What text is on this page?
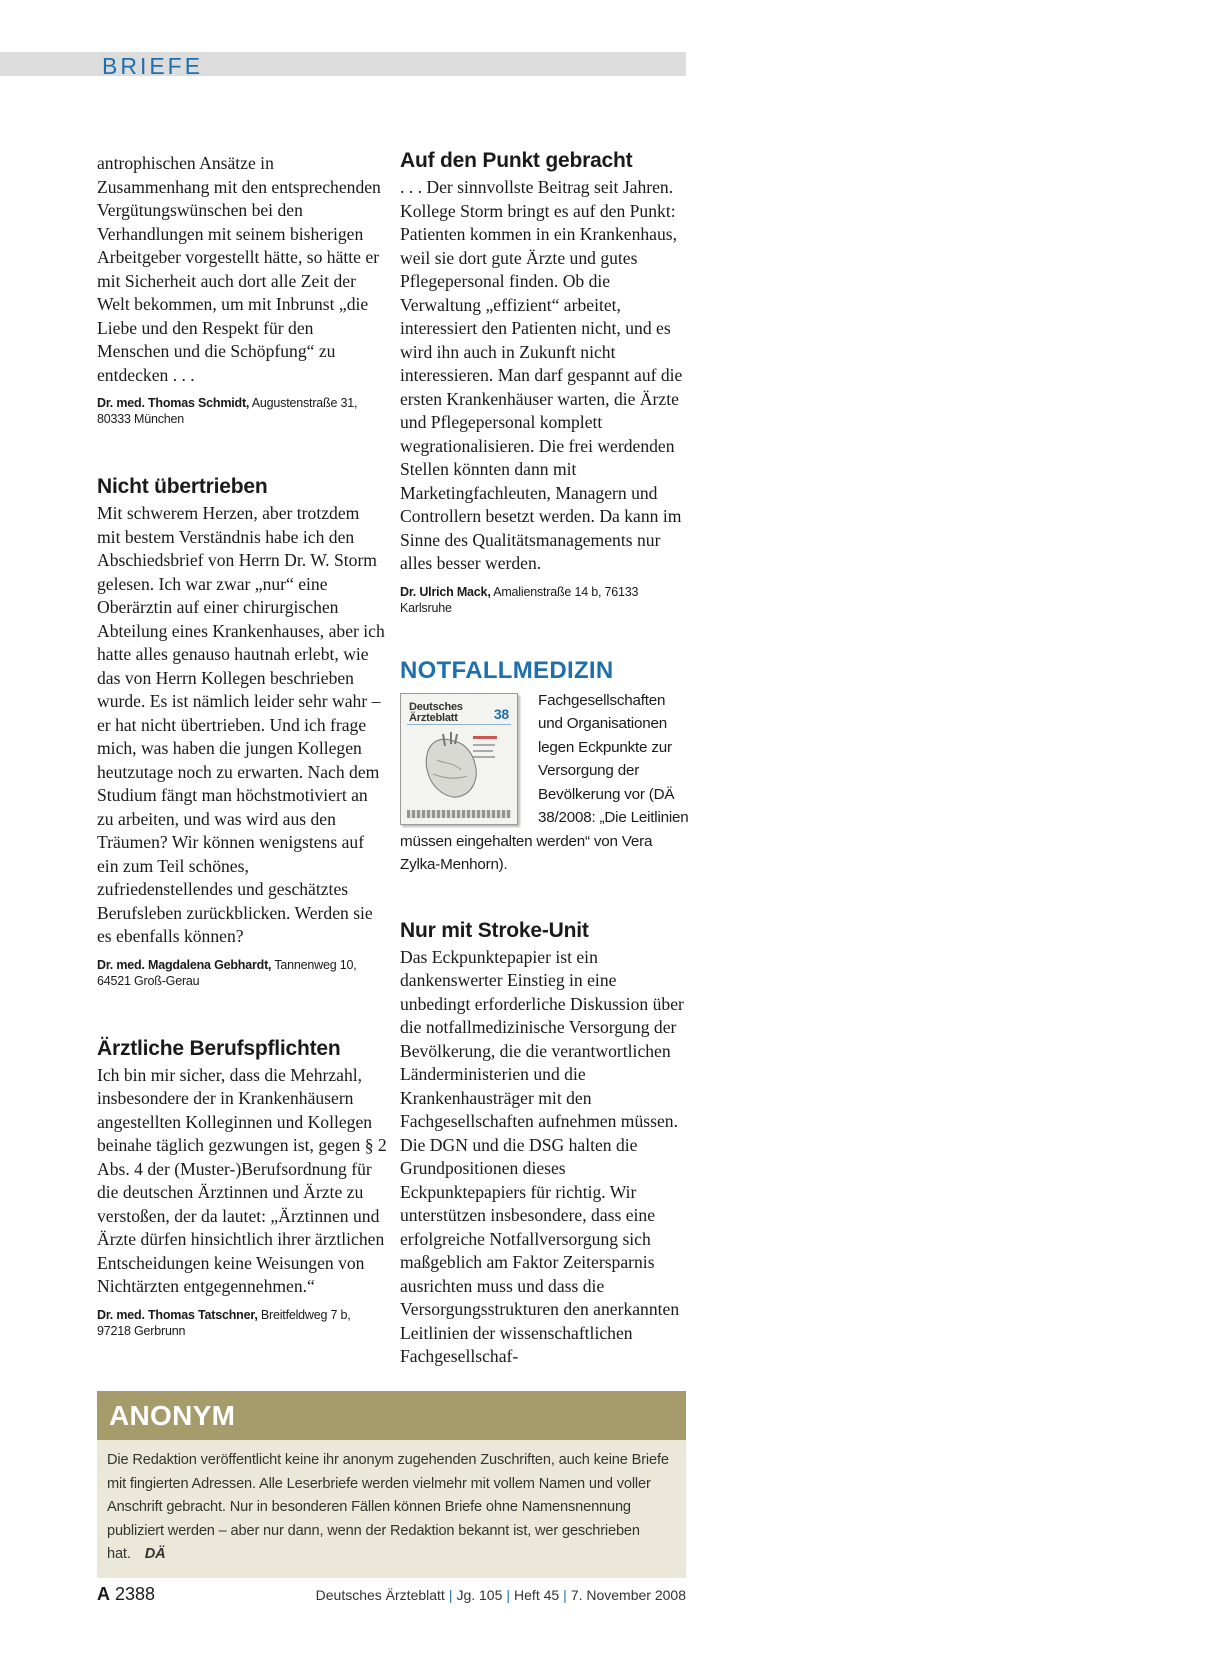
BRIEFE

antrophischen Ansätze in Zusammenhang mit den entsprechenden Vergütungswünschen bei den Verhandlungen mit seinem bisherigen Arbeitgeber vorgestellt hätte, so hätte er mit Sicherheit auch dort alle Zeit der Welt bekommen, um mit Inbrunst „die Liebe und den Respekt für den Menschen und die Schöpfung“ zu entdecken . . .

Dr. med. Thomas Schmidt, Augustenstraße 31, 80333 München

Nicht übertrieben

Mit schwerem Herzen, aber trotzdem mit bestem Verständnis habe ich den Abschiedsbrief von Herrn Dr. W. Storm gelesen. Ich war zwar „nur“ eine Oberärztin auf einer chirurgischen Abteilung eines Krankenhauses, aber ich hatte alles genauso hautnah erlebt, wie das von Herrn Kollegen beschrieben wurde. Es ist nämlich leider sehr wahr – er hat nicht übertrieben. Und ich frage mich, was haben die jungen Kollegen heutzutage noch zu erwarten. Nach dem Studium fängt man höchstmotiviert an zu arbeiten, und was wird aus den Träumen? Wir können wenigstens auf ein zum Teil schönes, zufriedenstellendes und geschätztes Berufsleben zurückblicken. Werden sie es ebenfalls können?

Dr. med. Magdalena Gebhardt, Tannenweg 10, 64521 Groß-Gerau

Ärztliche Berufspflichten

Ich bin mir sicher, dass die Mehrzahl, insbesondere der in Krankenhäusern angestellten Kolleginnen und Kollegen beinahe täglich gezwungen ist, gegen § 2 Abs. 4 der (Muster-)Berufsordnung für die deutschen Ärztinnen und Ärzte zu verstoßen, der da lautet: „Ärztinnen und Ärzte dürfen hinsichtlich ihrer ärztlichen Entscheidungen keine Weisungen von Nichtärzten entgegennehmen.“

Dr. med. Thomas Tatschner, Breitfeldweg 7 b, 97218 Gerbrunn

Auf den Punkt gebracht

. . . Der sinnvollste Beitrag seit Jahren. Kollege Storm bringt es auf den Punkt: Patienten kommen in ein Krankenhaus, weil sie dort gute Ärzte und gutes Pflegepersonal finden. Ob die Verwaltung „effizient“ arbeitet, interessiert den Patienten nicht, und es wird ihn auch in Zukunft nicht interessieren. Man darf gespannt auf die ersten Krankenhäuser warten, die Ärzte und Pflegepersonal komplett wegrationalisieren. Die frei werdenden Stellen könnten dann mit Marketingfachleuten, Managern und Controllern besetzt werden. Da kann im Sinne des Qualitätsmanagements nur alles besser werden.

Dr. Ulrich Mack, Amalienstraße 14 b, 76133 Karlsruhe

NOTFALLMEDIZIN
Deutsches Ärzteblatt	38
Fachgesellschaften und Organisationen legen Eckpunkte zur Versorgung der Bevölkerung vor (DÄ 38/2008: „Die Leitlinien müssen eingehalten werden“ von Vera Zylka-Menhorn).
Nur mit Stroke-Unit

Das Eckpunktepapier ist ein dankenswerter Einstieg in eine unbedingt erforderliche Diskussion über die notfallmedizinische Versorgung der Bevölkerung, die die verantwortlichen Länderministerien und die Krankenhausträger mit den Fachgesellschaften aufnehmen müssen. Die DGN und die DSG halten die Grundpositionen dieses Eckpunktepapiers für richtig. Wir unterstützen insbesondere, dass eine erfolgreiche Notfallversorgung sich maßgeblich am Faktor Zeitersparnis ausrichten muss und dass die Versorgungsstrukturen den anerkannten Leitlinien der wissenschaftlichen Fachgesellschaf-

ANONYM
Die Redaktion veröffentlicht keine ihr anonym zugehenden Zuschriften, auch keine Briefe mit fingierten Adressen. Alle Leserbriefe werden vielmehr mit vollem Namen und voller Anschrift gebracht. Nur in besonderen Fällen können Briefe ohne Namensnennung publiziert werden – aber nur dann, wenn der Redaktion bekannt ist, wer geschrieben hat. DÄ
A 2388	Deutsches Ärzteblatt | Jg. 105 | Heft 45 | 7. November 2008
